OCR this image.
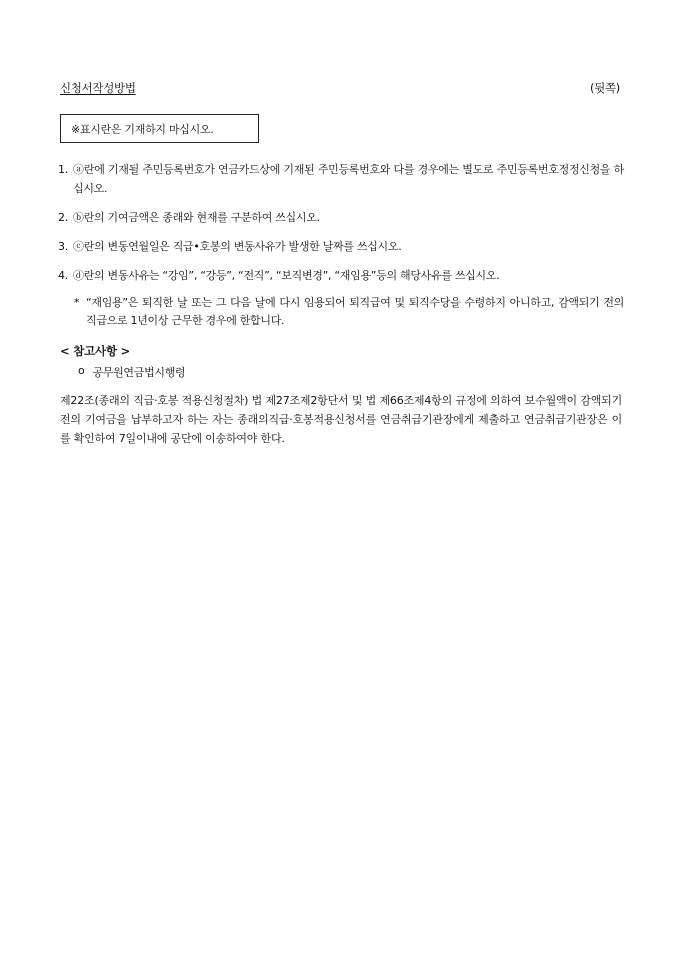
신청서작성방법	(뒷쪽)
※표시란은 기재하지 마십시오.
1. ⓐ란에 기재될 주민등록번호가 연금카드상에 기재된 주민등록번호와 다를 경우에는 별도로 주민등록번호정정신청을 하십시오.
2. ⓑ란의 기여금액은 종래와 현재를 구분하여 쓰십시오.
3. ⓒ란의 변동연월일은 직급•호봉의 변동사유가 발생한 날짜를 쓰십시오.
4. ⓓ란의 변동사유는 “강임”, “강등”, “전직”, “보직변경”, “재임용”등의 해당사유를 쓰십시오.
* “재임용”은 퇴직한 날 또는 그 다음 날에 다시 임용되어 퇴직급여 및 퇴직수당을 수령하지 아니하고, 감액되기 전의 직급으로 1년이상 근무한 경우에 한합니다.
< 참고사항 >
o 공무원연금법시행령
제22조(종래의 직급·호봉 적용신청절차) 법 제27조제2항단서 및 법 제66조제4항의 규정에 의하여 보수월액이 감액되기 전의 기여금을 납부하고자 하는 자는 종래의직급·호봉적용신청서를 연금취급기관장에게 제출하고 연금취급기관장은 이를 확인하여 7일이내에 공단에 이송하여야 한다.
